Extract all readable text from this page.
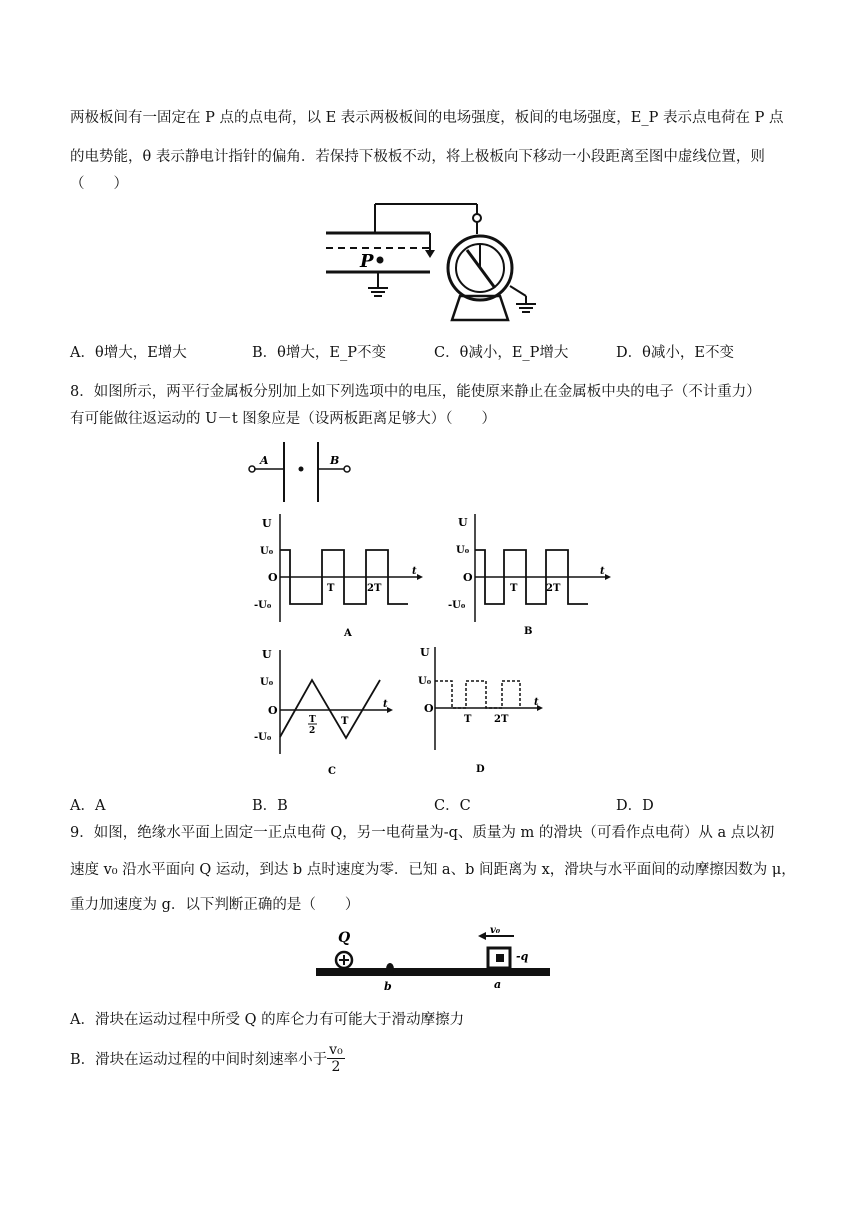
两极板间有一固定在 P 点的点电荷，以 E 表示两极板间的电场强度，板间的电场强度，E_P 表示点电荷在 P 点
的电势能，θ 表示静电计指针的偏角．若保持下极板不动，将上极板向下移动一小段距离至图中虚线位置，则
（　　）
P
A．θ增大，E增大	B．θ增大，E_P不变	C．θ减小，E_P增大	D．θ减小，E不变
8．如图所示，两平行金属板分别加上如下列选项中的电压，能使原来静止在金属板中央的电子（不计重力）
有可能做往返运动的 U－t 图象应是（设两板距离足够大）（　　）
A	B
U
U₀
O
-U₀
T	2T
t
A
U
U₀
O
-U₀
T	2T
t
B
U
U₀
O
-U₀
T
2
T
t
C
U
U₀
O
T 2T
t
D
A．A	B．B	C．C	D．D
9．如图，绝缘水平面上固定一正点电荷 Q，另一电荷量为-q、质量为 m 的滑块（可看作点电荷）从 a 点以初
速度 v₀ 沿水平面向 Q 运动，到达 b 点时速度为零．已知 a、b 间距离为 x，滑块与水平面间的动摩擦因数为 μ，
重力加速度为 g．以下判断正确的是（　　）
Q
b	a
v₀
-q
A．滑块在运动过程中所受 Q 的库仑力有可能大于滑动摩擦力
B．滑块在运动过程的中间时刻速率小于 $\frac{\text{v₀}}{2}$
